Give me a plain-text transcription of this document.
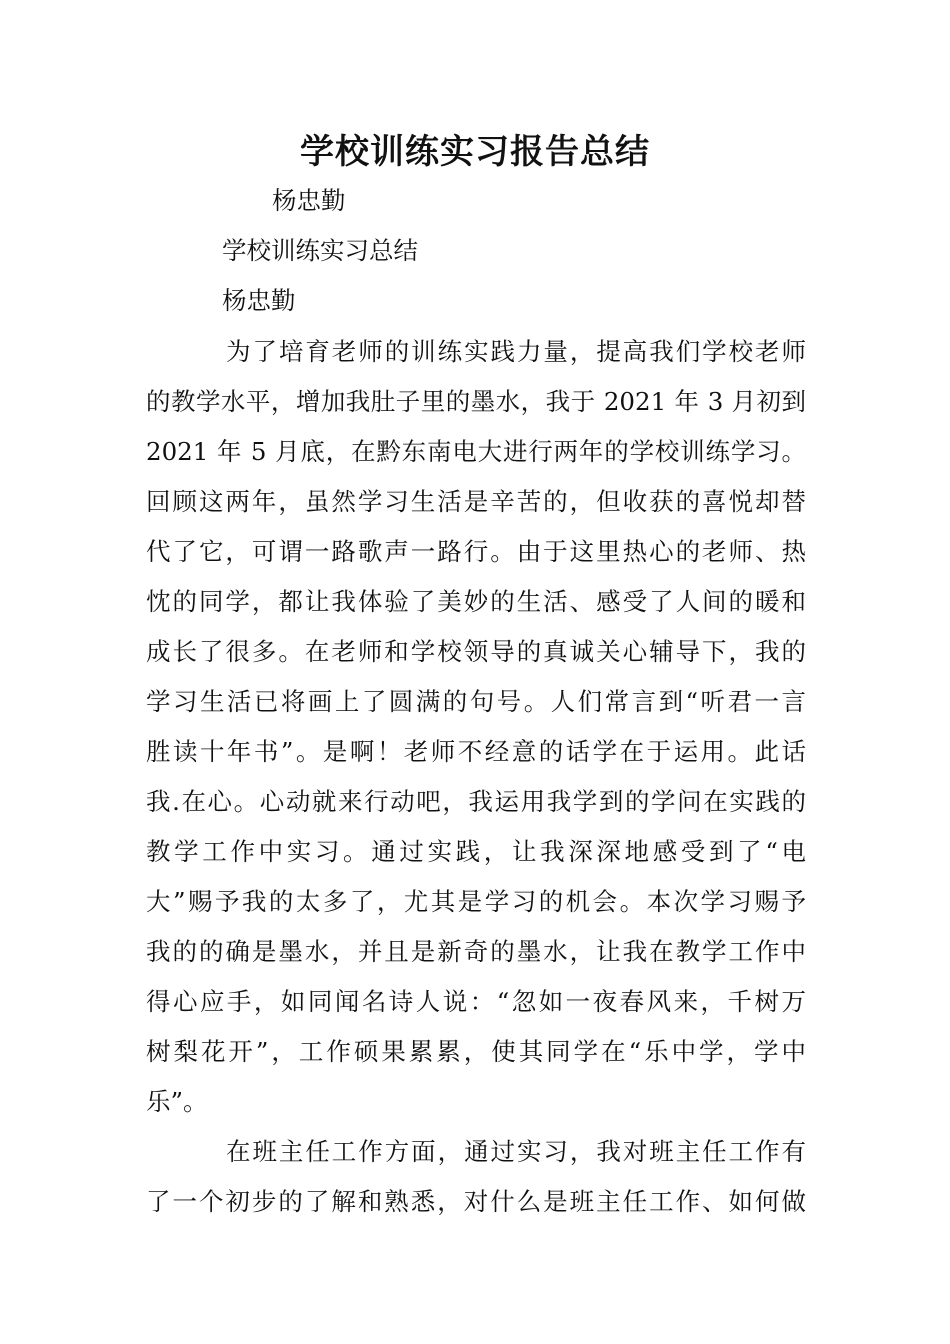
学校训练实习报告总结
杨忠勤
学校训练实习总结
杨忠勤
为了培育老师的训练实践力量，提高我们学校老师
的教学水平，增加我肚子里的墨水，我于 2021 年 3 月初到
2021 年 5 月底，在黔东南电大进行两年的学校训练学习。
回顾这两年，虽然学习生活是辛苦的，但收获的喜悦却替
代了它，可谓一路歌声一路行。由于这里热心的老师、热
忱的同学，都让我体验了美妙的生活、感受了人间的暖和
成长了很多。在老师和学校领导的真诚关心辅导下，我的
学习生活已将画上了圆满的句号。人们常言到“听君一言
胜读十年书”。是啊！老师不经意的话学在于运用。此话
我.在心。心动就来行动吧，我运用我学到的学问在实践的
教学工作中实习。通过实践，让我深深地感受到了“电
大”赐予我的太多了，尤其是学习的机会。本次学习赐予
我的的确是墨水，并且是新奇的墨水，让我在教学工作中
得心应手，如同闻名诗人说：“忽如一夜春风来，千树万
树梨花开”，工作硕果累累，使其同学在“乐中学，学中
乐”。
在班主任工作方面，通过实习，我对班主任工作有
了一个初步的了解和熟悉，对什么是班主任工作、如何做
